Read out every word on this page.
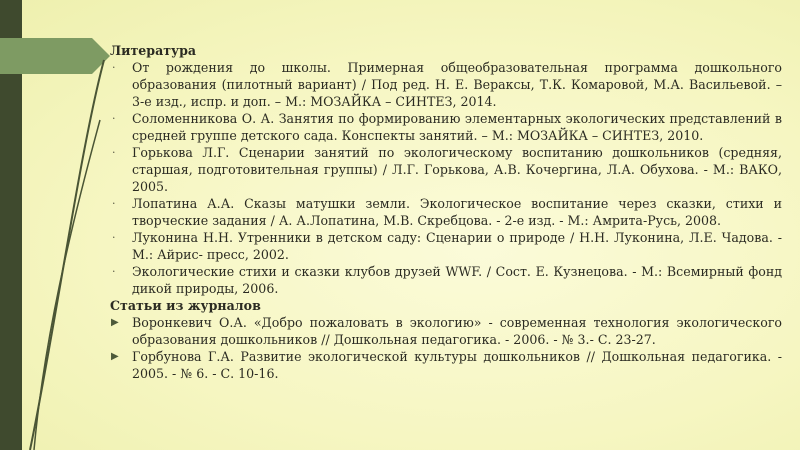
Литература

· От рождения до школы. Примерная общеобразовательная программа дошкольного образования (пилотный вариант) / Под ред. Н. Е. Вераксы, Т.К. Комаровой, М.А. Васильевой. – 3-е изд., испр. и доп. – М.: МОЗАЙКА – СИНТЕЗ, 2014.
· Соломенникова О. А. Занятия по формированию элементарных экологических представлений в средней группе детского сада. Конспекты занятий. – М.: МОЗАЙКА – СИНТЕЗ, 2010.
· Горькова Л.Г. Сценарии занятий по экологическому воспитанию дошкольников (средняя, старшая, подготовительная группы) / Л.Г. Горькова, А.В. Кочергина, Л.А. Обухова. - М.: ВАКО, 2005.
· Лопатина А.А. Сказы матушки земли. Экологическое воспитание через сказки, стихи и творческие задания / А. А.Лопатина, М.В. Скребцова. - 2-е изд. - М.: Амрита-Русь, 2008.
· Луконина Н.Н. Утренники в детском саду: Сценарии о природе / Н.Н. Луконина, Л.Е. Чадова. - М.: Айрис- пресс, 2002.
· Экологические стихи и сказки клубов друзей WWF. / Сост. Е. Кузнецова. - М.: Всемирный фонд дикой природы, 2006.

Статьи из журналов

▶ Воронкевич О.А. «Добро пожаловать в экологию» - современная технология экологического образования дошкольников // Дошкольная педагогика. - 2006. - № 3.- С. 23-27.
▶ Горбунова Г.А. Развитие экологической культуры дошкольников // Дошкольная педагогика. - 2005. - № 6. - С. 10-16.
